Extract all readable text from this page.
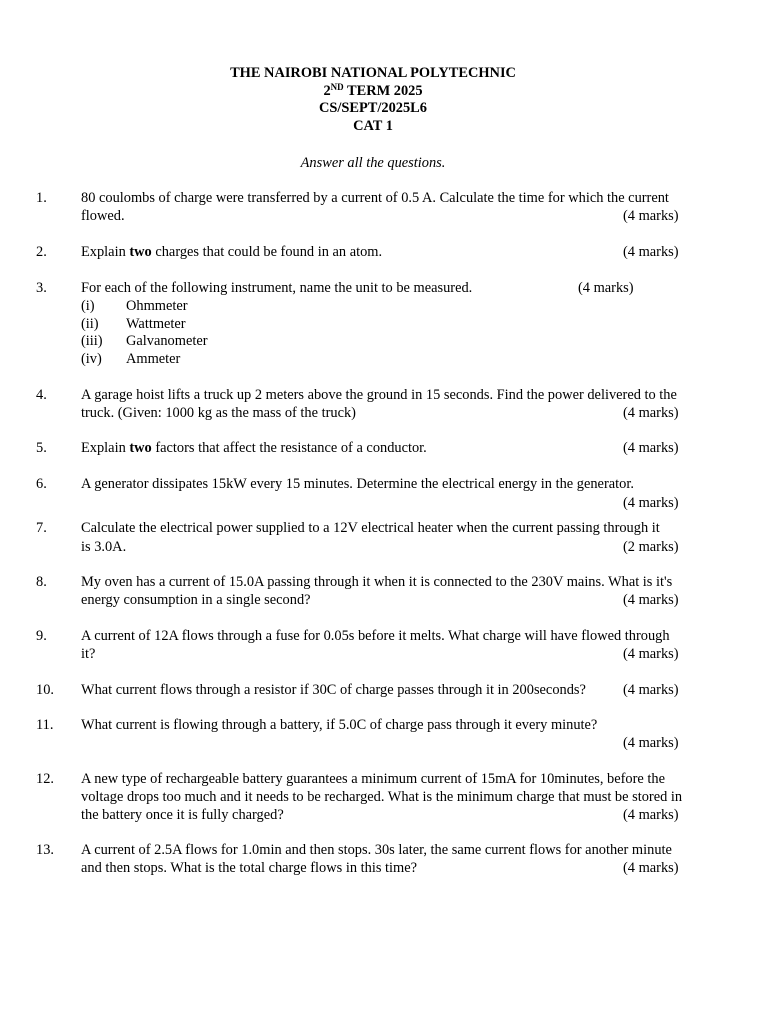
THE NAIROBI NATIONAL POLYTECHNIC
2ND TERM 2025
CS/SEPT/2025L6
CAT 1
Answer all the questions.
1. 80 coulombs of charge were transferred by a current of 0.5 A. Calculate the time for which the current
flowed.	(4 marks)
2. Explain two charges that could be found in an atom.	(4 marks)
3. For each of the following instrument, name the unit to be measured.	(4 marks)
(i) Ohmmeter
(ii) Wattmeter
(iii) Galvanometer
(iv) Ammeter
4. A garage hoist lifts a truck up 2 meters above the ground in 15 seconds. Find the power delivered to the
truck. (Given: 1000 kg as the mass of the truck)	(4 marks)
5. Explain two factors that affect the resistance of a conductor.	(4 marks)
6. A generator dissipates 15kW every 15 minutes. Determine the electrical energy in the generator.
(4 marks)
7. Calculate the electrical power supplied to a 12V electrical heater when the current passing through it
is 3.0A.	(2 marks)
8. My oven has a current of 15.0A passing through it when it is connected to the 230V mains. What is it's
energy consumption in a single second?	(4 marks)
9. A current of 12A flows through a fuse for 0.05s before it melts. What charge will have flowed through
it?	(4 marks)
10. What current flows through a resistor if 30C of charge passes through it in 200seconds?	(4 marks)
11. What current is flowing through a battery, if 5.0C of charge pass through it every minute?
(4 marks)
12. A new type of rechargeable battery guarantees a minimum current of 15mA for 10minutes, before the
voltage drops too much and it needs to be recharged. What is the minimum charge that must be stored in
the battery once it is fully charged?	(4 marks)
13. A current of 2.5A flows for 1.0min and then stops. 30s later, the same current flows for another minute
and then stops. What is the total charge flows in this time?	(4 marks)
